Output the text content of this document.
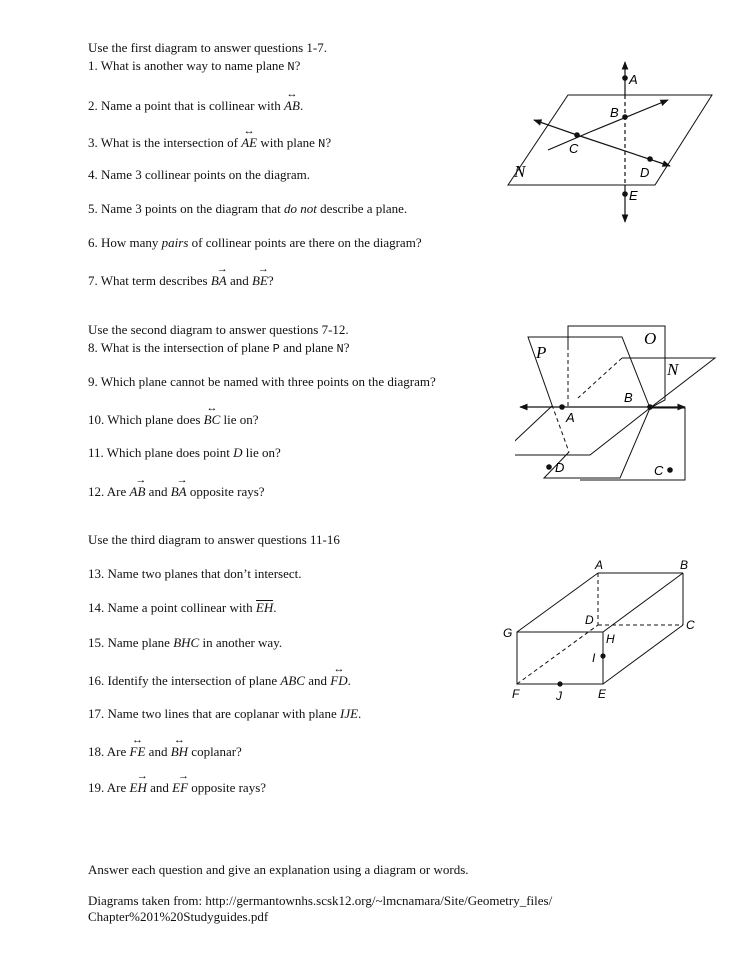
Use the first diagram to answer questions 1-7.
1. What is another way to name plane N?
2. Name a point that is collinear with ↔ AB.
3. What is the intersection of ↔ AE with plane N?
4. Name 3 collinear points on the diagram.
5. Name 3 points on the diagram that do not describe a plane.
6. How many pairs of collinear points are there on the diagram?
7. What term describes → BA and → BE?
Use the second diagram to answer questions 7-12.
8. What is the intersection of plane P and plane N?
9. Which plane cannot be named with three points on the diagram?
10. Which plane does ↔ BC lie on?
11. Which plane does point D lie on?
12. Are → AB and → BA opposite rays?
Use the third diagram to answer questions 11-16
13. Name two planes that don’t intersect.
14. Name a point collinear with EH.
15. Name plane BHC in another way.
16. Identify the intersection of plane ABC and ↔ FD.
17. Name two lines that are coplanar with plane IJE.
18. Are ↔ FE and ↔ BH coplanar?
19. Are → EH and → EF opposite rays?
Answer each question and give an explanation using a diagram or words.
Diagrams taken from: http://germantownhs.scsk12.org/~lmcnamara/Site/Geometry_files/
Chapter%201%20Studyguides.pdf
A
B
C
D
E
N
A
B
D	C
P
O
N
A	B
C
D
G	H
I
F	J	E
